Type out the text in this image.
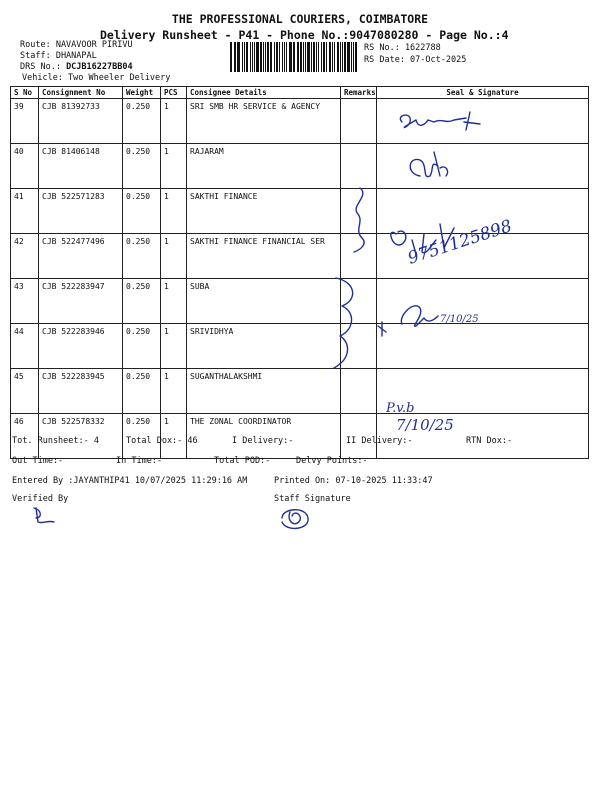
THE PROFESSIONAL COURIERS, COIMBATORE
Delivery Runsheet - P41 - Phone No.:9047080280 - Page No.:4
Route: NAVAVOOR PIRIVU
Staff: DHANAPAL
DRS No.: DCJB16227BB04
Vehicle: Two Wheeler Delivery
RS No.: 1622788
RS Date: 07-Oct-2025
S No	Consignment No	Weight	PCS	Consignee Details	Remarks	Seal & Signature
39	CJB 81392733	0.250	1	SRI SMB HR SERVICE & AGENCY		
40	CJB 81406148	0.250	1	RAJARAM		
41	CJB 522571283	0.250	1	SAKTHI FINANCE		
42	CJB 522477496	0.250	1	SAKTHI FINANCE FINANCIAL SER		
43	CJB 522283947	0.250	1	SUBA		
44	CJB 522283946	0.250	1	SRIVIDHYA		
45	CJB 522283945	0.250	1	SUGANTHALAKSHMI		
46	CJB 522578332	0.250	1	THE ZONAL COORDINATOR		
Tot. Runsheet:- 4	Total Dox:- 46	I Delivery:-	II Delivery:-	RTN Dox:-
Out Time:-	In Time:-	Total POD:-	Delvy Points:-
Entered By :JAYANTHIP41 10/07/2025 11:29:16 AM	Printed On: 07-10-2025 11:33:47
Verified By	Staff Signature
9751125898
7/10/25
P.v.b
7/10/25
